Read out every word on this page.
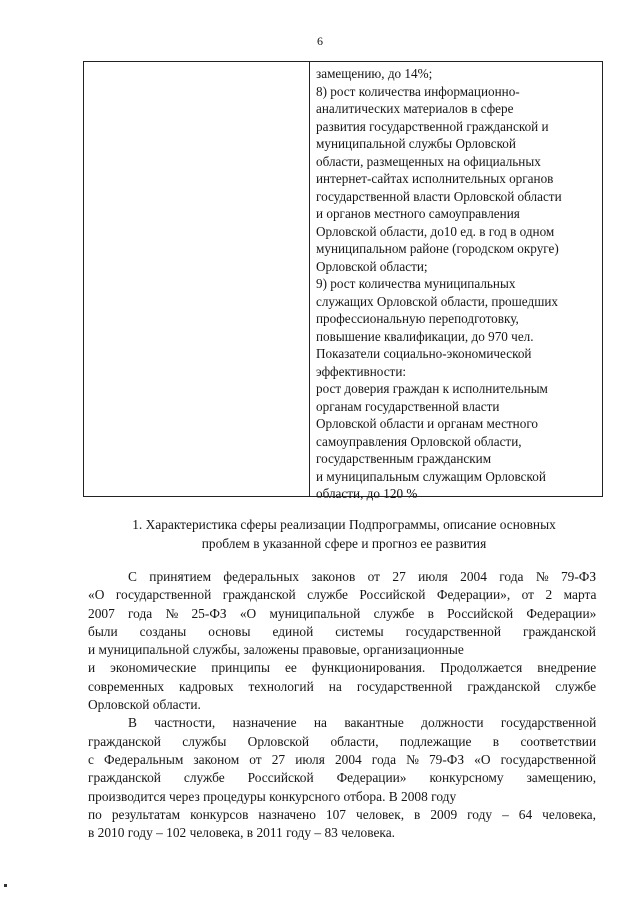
6
замещению, до 14%;
8) рост количества информационно-
аналитических материалов в сфере
развития государственной гражданской и
муниципальной службы Орловской
области, размещенных на официальных
интернет-сайтах исполнительных органов
государственной власти Орловской области
и органов местного самоуправления
Орловской области, до10 ед. в год в одном
муниципальном районе (городском округе)
Орловской области;
9) рост количества муниципальных
служащих Орловской области, прошедших
профессиональную переподготовку,
повышение квалификации, до 970 чел.
Показатели социально-экономической
эффективности:
рост доверия граждан к исполнительным
органам государственной власти
Орловской области и органам местного
самоуправления Орловской области,
государственным гражданским
и муниципальным служащим Орловской
области, до 120 %
1. Характеристика сферы реализации Подпрограммы, описание основных
проблем в указанной сфере и прогноз ее развития
С принятием федеральных законов от 27 июля 2004 года № 79-ФЗ
«О государственной гражданской службе Российской Федерации», от 2 марта
2007 года № 25-ФЗ «О муниципальной службе в Российской Федерации»
были созданы основы единой системы государственной гражданской
и муниципальной службы, заложены правовые, организационные
и экономические принципы ее функционирования. Продолжается внедрение
современных кадровых технологий на государственной гражданской службе
Орловской области.
В частности, назначение на вакантные должности государственной
гражданской службы Орловской области, подлежащие в соответствии
с Федеральным законом от 27 июля 2004 года № 79-ФЗ «О государственной
гражданской службе Российской Федерации» конкурсному замещению,
производится через процедуры конкурсного отбора. В 2008 году
по результатам конкурсов назначено 107 человек, в 2009 году – 64 человека,
в 2010 году – 102 человека, в 2011 году – 83 человека.
